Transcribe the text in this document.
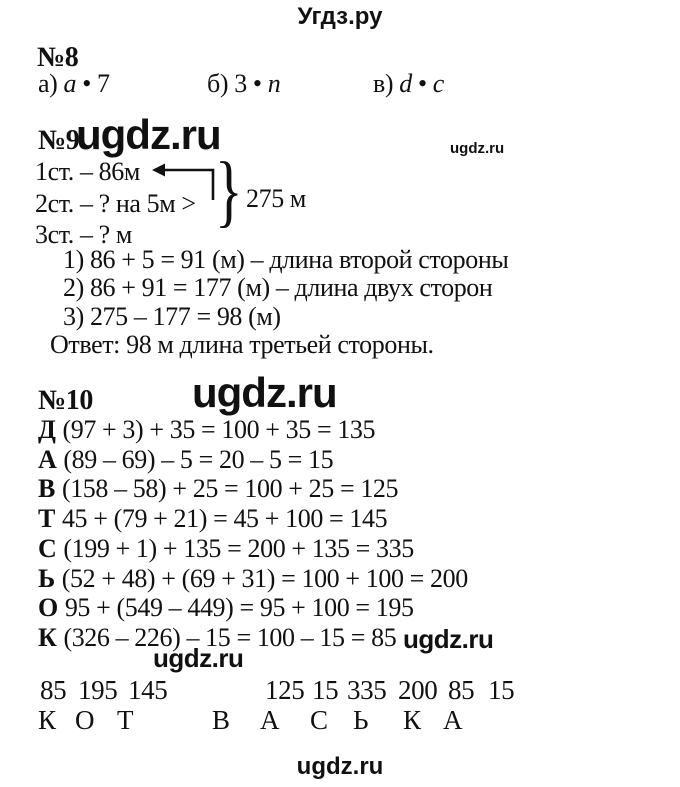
Угдз.ру
№8
а) a • 7	б) 3 • n	в) d • c
№9
ugdz.ru	ugdz.ru
1ст. – 86м
2ст. – ? на 5м >
3ст. – ? м	} 275 м
1) 86 + 5 = 91 (м) – длина второй стороны
2) 86 + 91 = 177 (м) – длина двух сторон
3) 275 – 177 = 98 (м)
Ответ: 98 м длина третьей стороны.
№10 ugdz.ru
Д (97 + 3) + 35 = 100 + 35 = 135
А (89 – 69) – 5 = 20 – 5 = 15
В (158 – 58) + 25 = 100 + 25 = 125
Т 45 + (79 + 21) = 45 + 100 = 145
С (199 + 1) + 135 = 200 + 135 = 335
Ь (52 + 48) + (69 + 31) = 100 + 100 = 200
О 95 + (549 – 449) = 95 + 100 = 195
К (326 – 226) – 15 = 100 – 15 = 85 ugdz.ru
ugdz.ru
85 195 145	125 15 335 200 85 15
К О Т	В А С Ь К А
ugdz.ru
